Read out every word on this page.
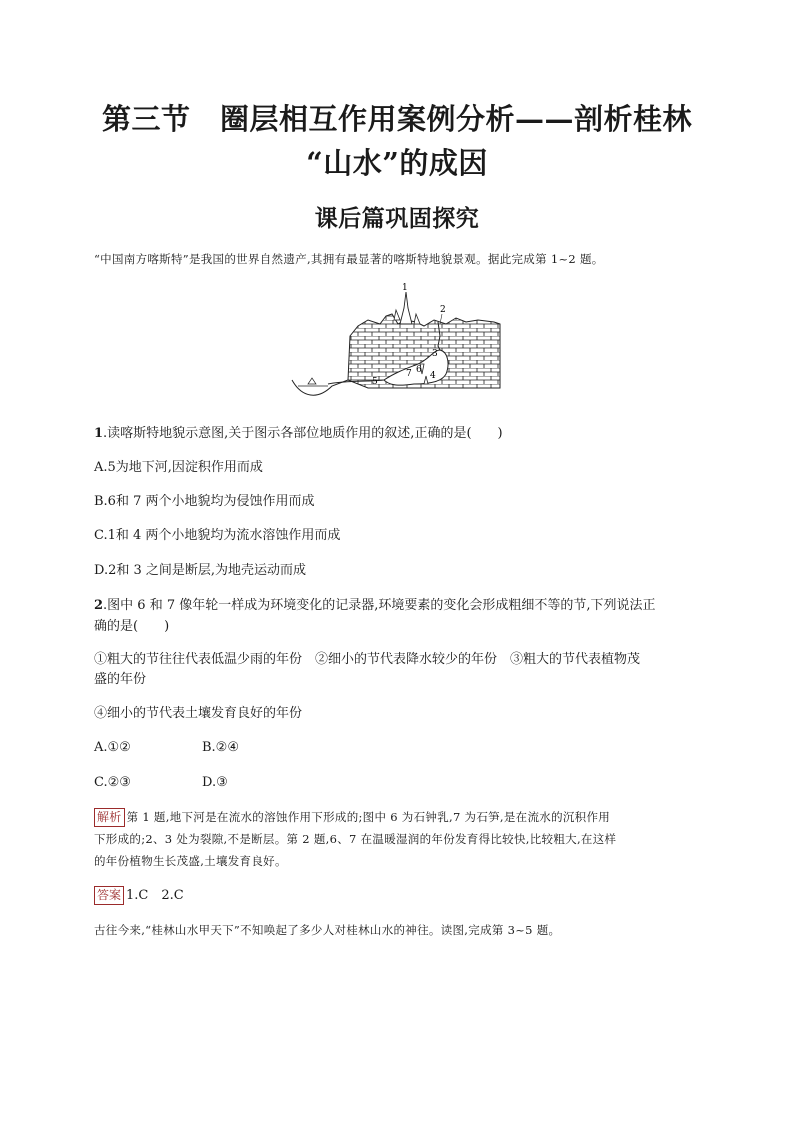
第三节　圈层相互作用案例分析——剖析桂林
“山水”的成因
课后篇巩固探究
“中国南方喀斯特”是我国的世界自然遗产,其拥有最显著的喀斯特地貌景观。据此完成第 1~2 题。
1
2
3
4
5
6
7
1.读喀斯特地貌示意图,关于图示各部位地质作用的叙述,正确的是(　　)
A.5为地下河,因淀积作用而成
B.6和 7 两个小地貌均为侵蚀作用而成
C.1和 4 两个小地貌均为流水溶蚀作用而成
D.2和 3 之间是断层,为地壳运动而成
2.图中 6 和 7 像年轮一样成为环境变化的记录器,环境要素的变化会形成粗细不等的节,下列说法正
确的是(　　)
①粗大的节往往代表低温少雨的年份　②细小的节代表降水较少的年份　③粗大的节代表植物茂
盛的年份
④细小的节代表土壤发育良好的年份
A.①②	B.②④
C.②③	D.③
解析 第 1 题,地下河是在流水的溶蚀作用下形成的;图中 6 为石钟乳,7 为石笋,是在流水的沉积作用
下形成的;2、3 处为裂隙,不是断层。第 2 题,6、7 在温暖湿润的年份发育得比较快,比较粗大,在这样
的年份植物生长茂盛,土壤发育良好。
答案 1.C　2.C
古往今来,“桂林山水甲天下”不知唤起了多少人对桂林山水的神往。读图,完成第 3~5 题。
